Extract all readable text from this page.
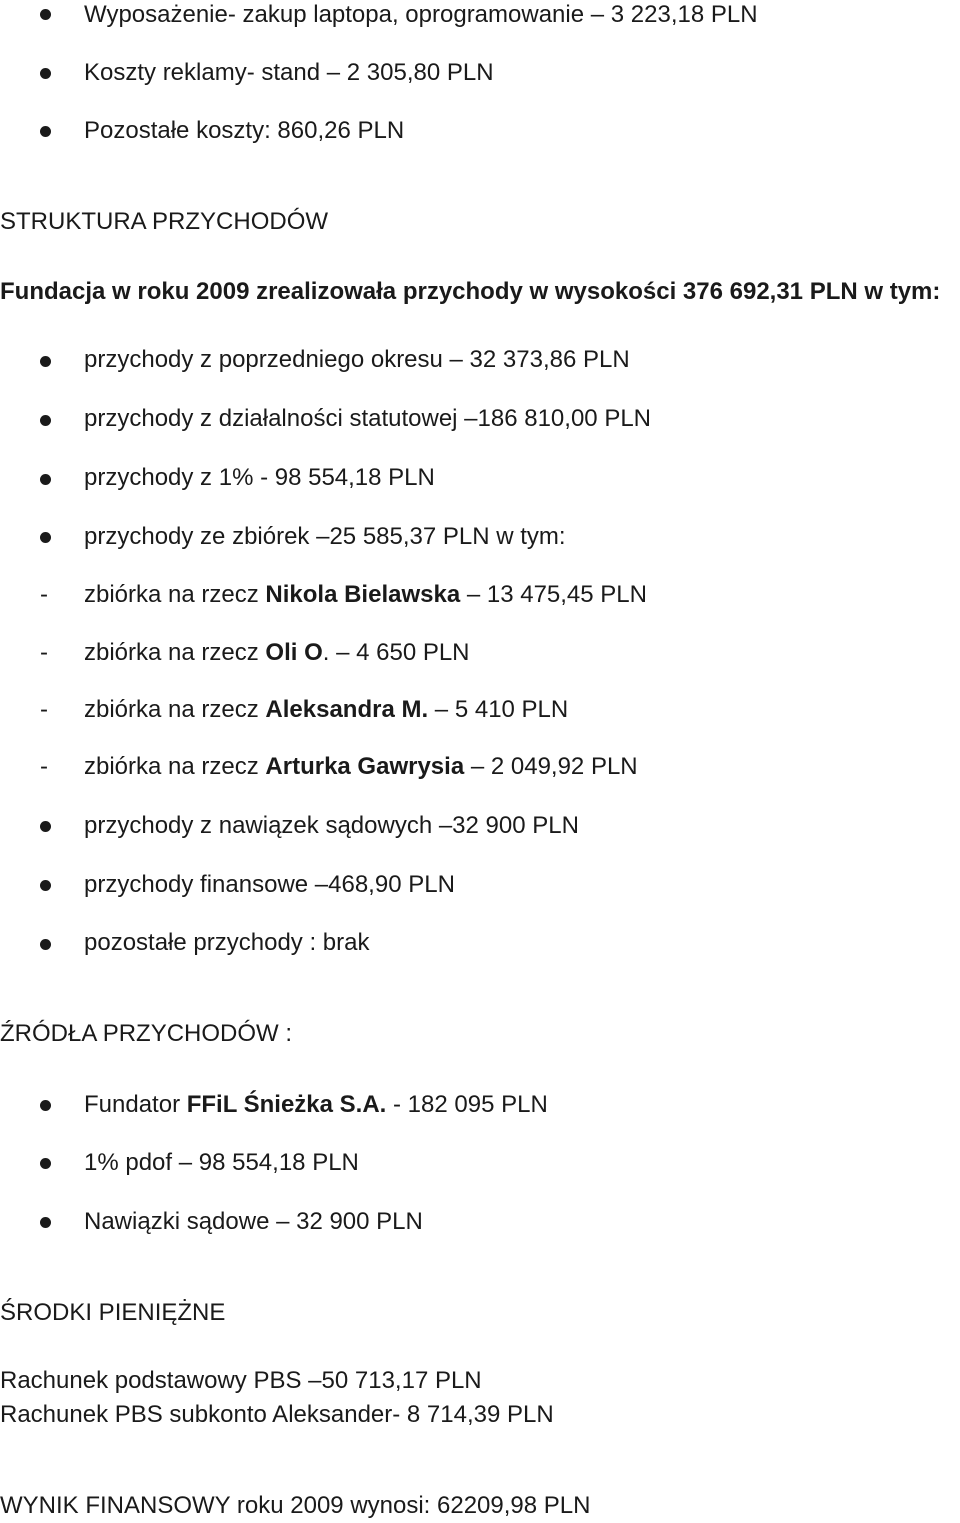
Wyposażenie- zakup laptopa, oprogramowanie – 3 223,18 PLN
Koszty reklamy- stand – 2 305,80 PLN
Pozostałe koszty: 860,26 PLN
STRUKTURA PRZYCHODÓW
Fundacja w roku 2009 zrealizowała przychody w wysokości 376 692,31 PLN w tym:
przychody z poprzedniego okresu – 32 373,86 PLN
przychody z działalności statutowej –186 810,00 PLN
przychody z 1% - 98 554,18 PLN
przychody ze zbiórek –25 585,37 PLN w tym:
- zbiórka na rzecz Nikola Bielawska – 13 475,45 PLN
- zbiórka na rzecz Oli O. – 4 650 PLN
- zbiórka na rzecz Aleksandra M. – 5 410 PLN
- zbiórka na rzecz Arturka Gawrysia – 2 049,92 PLN
przychody z nawiązek sądowych –32 900 PLN
przychody finansowe –468,90 PLN
pozostałe przychody : brak
ŹRÓDŁA PRZYCHODÓW :
Fundator FFiL Śnieżka S.A. - 182 095 PLN
1% pdof – 98 554,18 PLN
Nawiązki sądowe – 32 900 PLN
ŚRODKI PIENIĘŻNE
Rachunek podstawowy PBS –50 713,17 PLN
Rachunek PBS subkonto Aleksander- 8 714,39 PLN
WYNIK FINANSOWY roku 2009 wynosi: 62209,98 PLN
